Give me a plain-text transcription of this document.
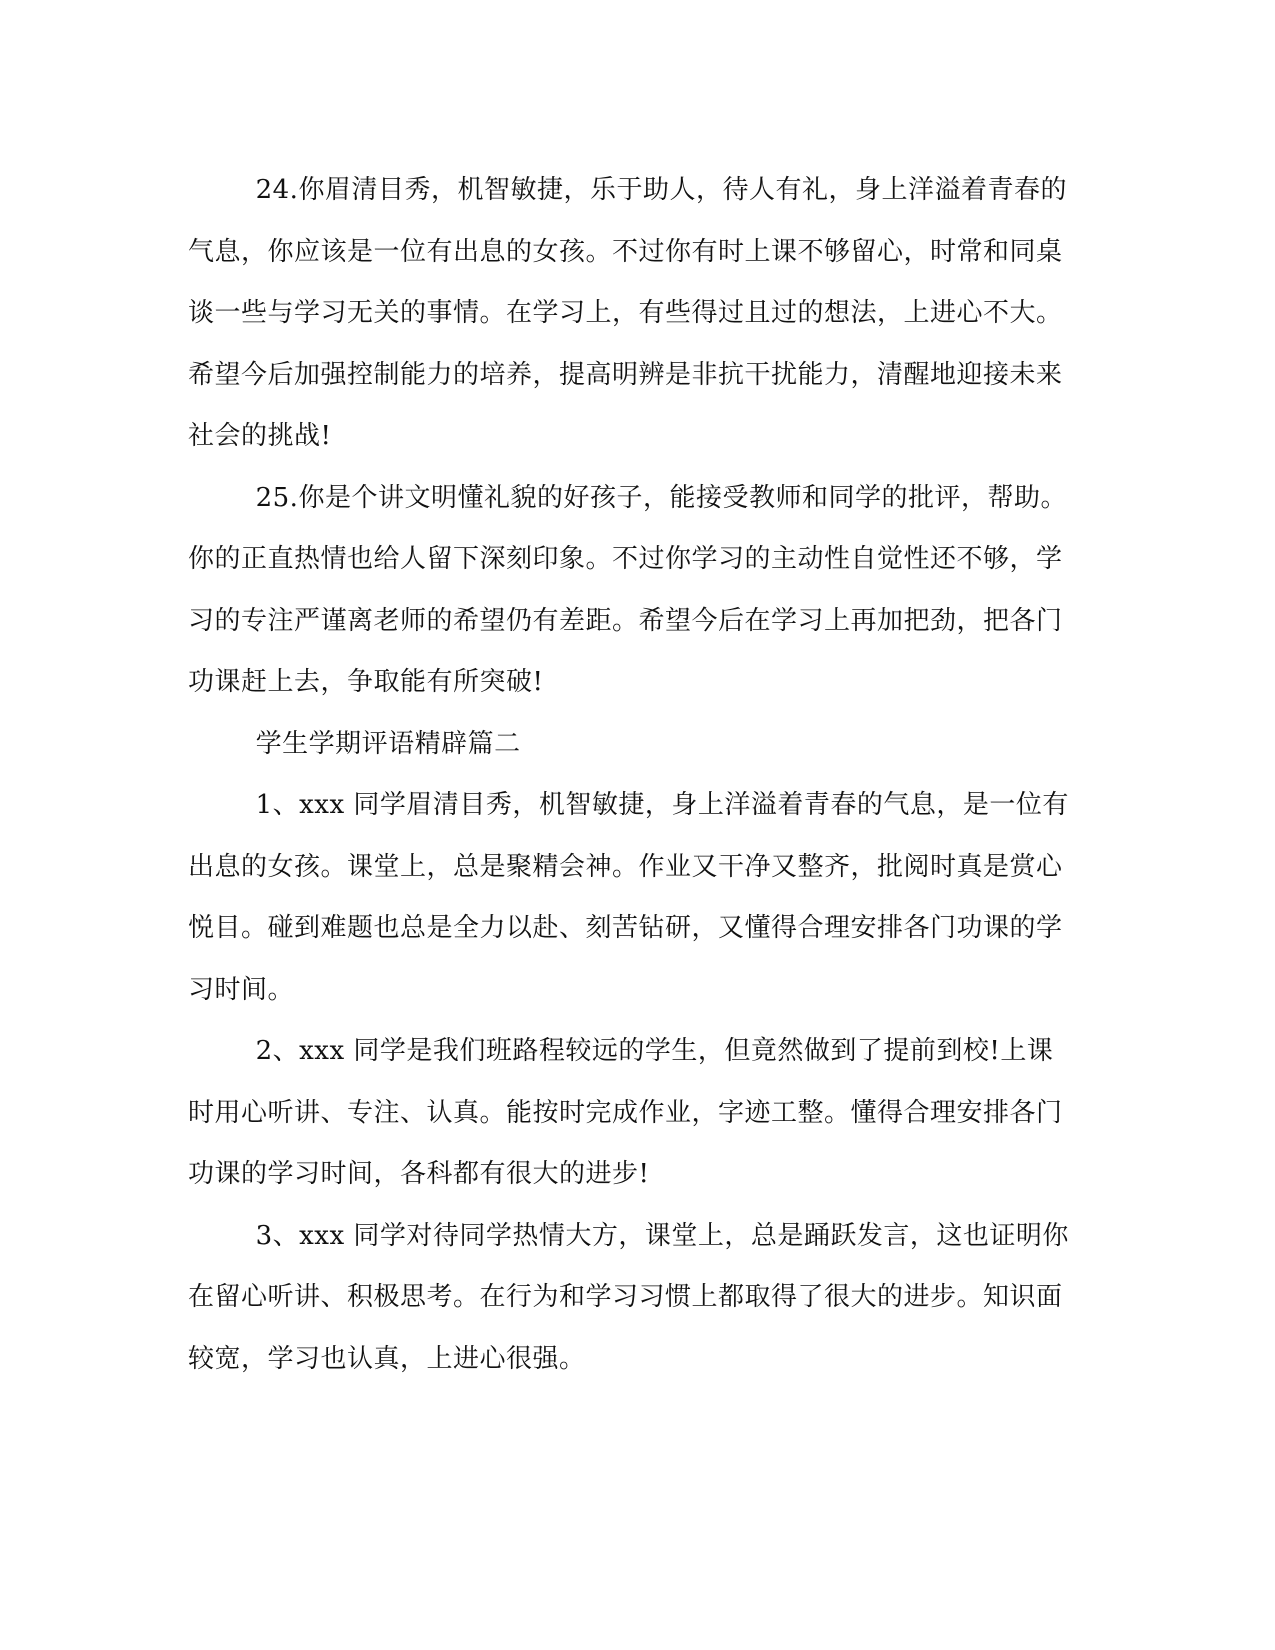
24.你眉清目秀，机智敏捷，乐于助人，待人有礼，身上洋溢着青春的气息，你应该是一位有出息的女孩。不过你有时上课不够留心，时常和同桌谈一些与学习无关的事情。在学习上，有些得过且过的想法，上进心不大。希望今后加强控制能力的培养，提高明辨是非抗干扰能力，清醒地迎接未来社会的挑战!

25.你是个讲文明懂礼貌的好孩子，能接受教师和同学的批评，帮助。你的正直热情也给人留下深刻印象。不过你学习的主动性自觉性还不够，学习的专注严谨离老师的希望仍有差距。希望今后在学习上再加把劲，把各门功课赶上去，争取能有所突破!

学生学期评语精辟篇二

1、xxx 同学眉清目秀，机智敏捷，身上洋溢着青春的气息，是一位有出息的女孩。课堂上，总是聚精会神。作业又干净又整齐，批阅时真是赏心悦目。碰到难题也总是全力以赴、刻苦钻研，又懂得合理安排各门功课的学习时间。

2、xxx 同学是我们班路程较远的学生，但竟然做到了提前到校!上课时用心听讲、专注、认真。能按时完成作业，字迹工整。懂得合理安排各门功课的学习时间，各科都有很大的进步!

3、xxx 同学对待同学热情大方，课堂上，总是踊跃发言，这也证明你在留心听讲、积极思考。在行为和学习习惯上都取得了很大的进步。知识面较宽，学习也认真，上进心很强。
